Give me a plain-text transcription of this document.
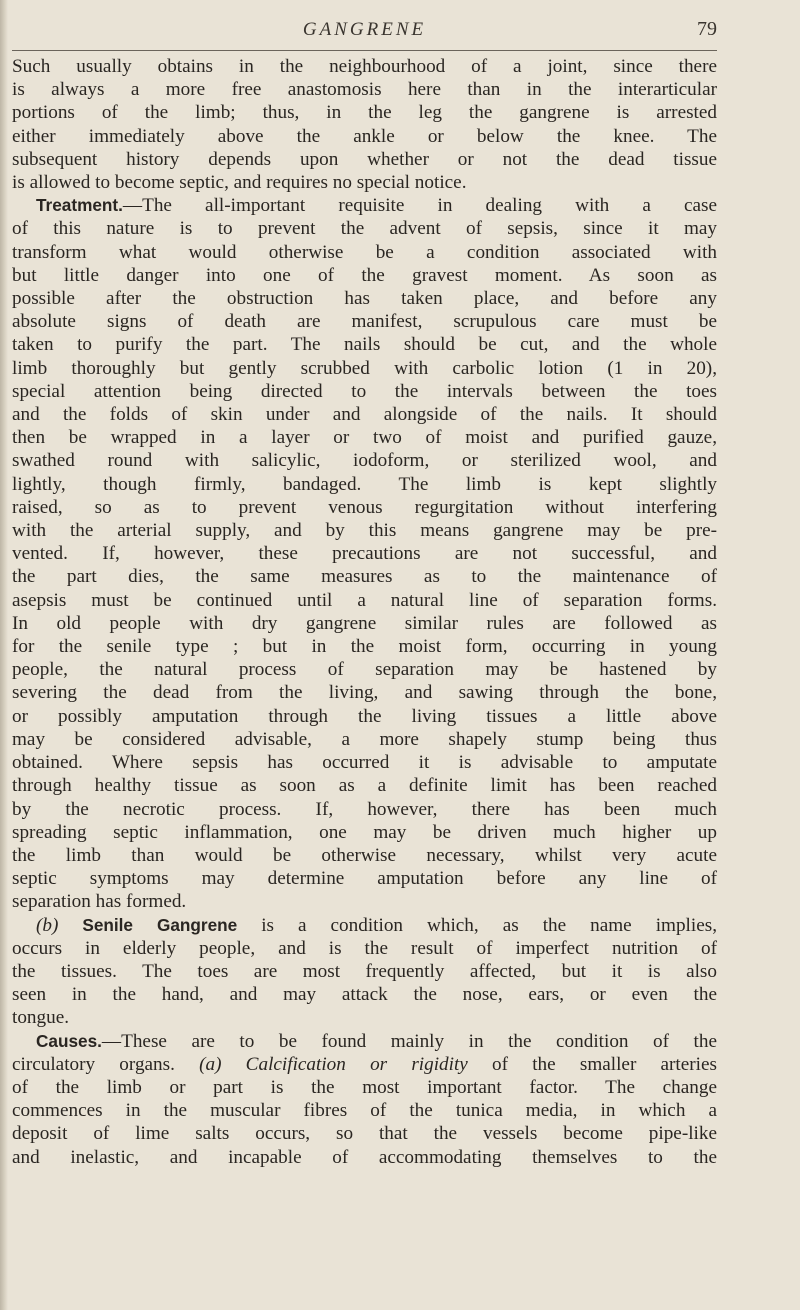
GANGRENE	79
Such usually obtains in the neighbourhood of a joint, since there
is always a more free anastomosis here than in the interarticular
portions of the limb; thus, in the leg the gangrene is arrested
either immediately above the ankle or below the knee. The
subsequent history depends upon whether or not the dead tissue
is allowed to become septic, and requires no special notice.
Treatment.—The all-important requisite in dealing with a case
of this nature is to prevent the advent of sepsis, since it may
transform what would otherwise be a condition associated with
but little danger into one of the gravest moment. As soon as
possible after the obstruction has taken place, and before any
absolute signs of death are manifest, scrupulous care must be
taken to purify the part. The nails should be cut, and the whole
limb thoroughly but gently scrubbed with carbolic lotion (1 in 20),
special attention being directed to the intervals between the toes
and the folds of skin under and alongside of the nails. It should
then be wrapped in a layer or two of moist and purified gauze,
swathed round with salicylic, iodoform, or sterilized wool, and
lightly, though firmly, bandaged. The limb is kept slightly
raised, so as to prevent venous regurgitation without interfering
with the arterial supply, and by this means gangrene may be pre-
vented. If, however, these precautions are not successful, and
the part dies, the same measures as to the maintenance of
asepsis must be continued until a natural line of separation forms.
In old people with dry gangrene similar rules are followed as
for the senile type ; but in the moist form, occurring in young
people, the natural process of separation may be hastened by
severing the dead from the living, and sawing through the bone,
or possibly amputation through the living tissues a little above
may be considered advisable, a more shapely stump being thus
obtained. Where sepsis has occurred it is advisable to amputate
through healthy tissue as soon as a definite limit has been reached
by the necrotic process. If, however, there has been much
spreading septic inflammation, one may be driven much higher up
the limb than would be otherwise necessary, whilst very acute
septic symptoms may determine amputation before any line of
separation has formed.
(b) Senile Gangrene is a condition which, as the name implies,
occurs in elderly people, and is the result of imperfect nutrition of
the tissues. The toes are most frequently affected, but it is also
seen in the hand, and may attack the nose, ears, or even the
tongue.
Causes.—These are to be found mainly in the condition of the
circulatory organs. (a) Calcification or rigidity of the smaller arteries
of the limb or part is the most important factor. The change
commences in the muscular fibres of the tunica media, in which a
deposit of lime salts occurs, so that the vessels become pipe-like
and inelastic, and incapable of accommodating themselves to the
